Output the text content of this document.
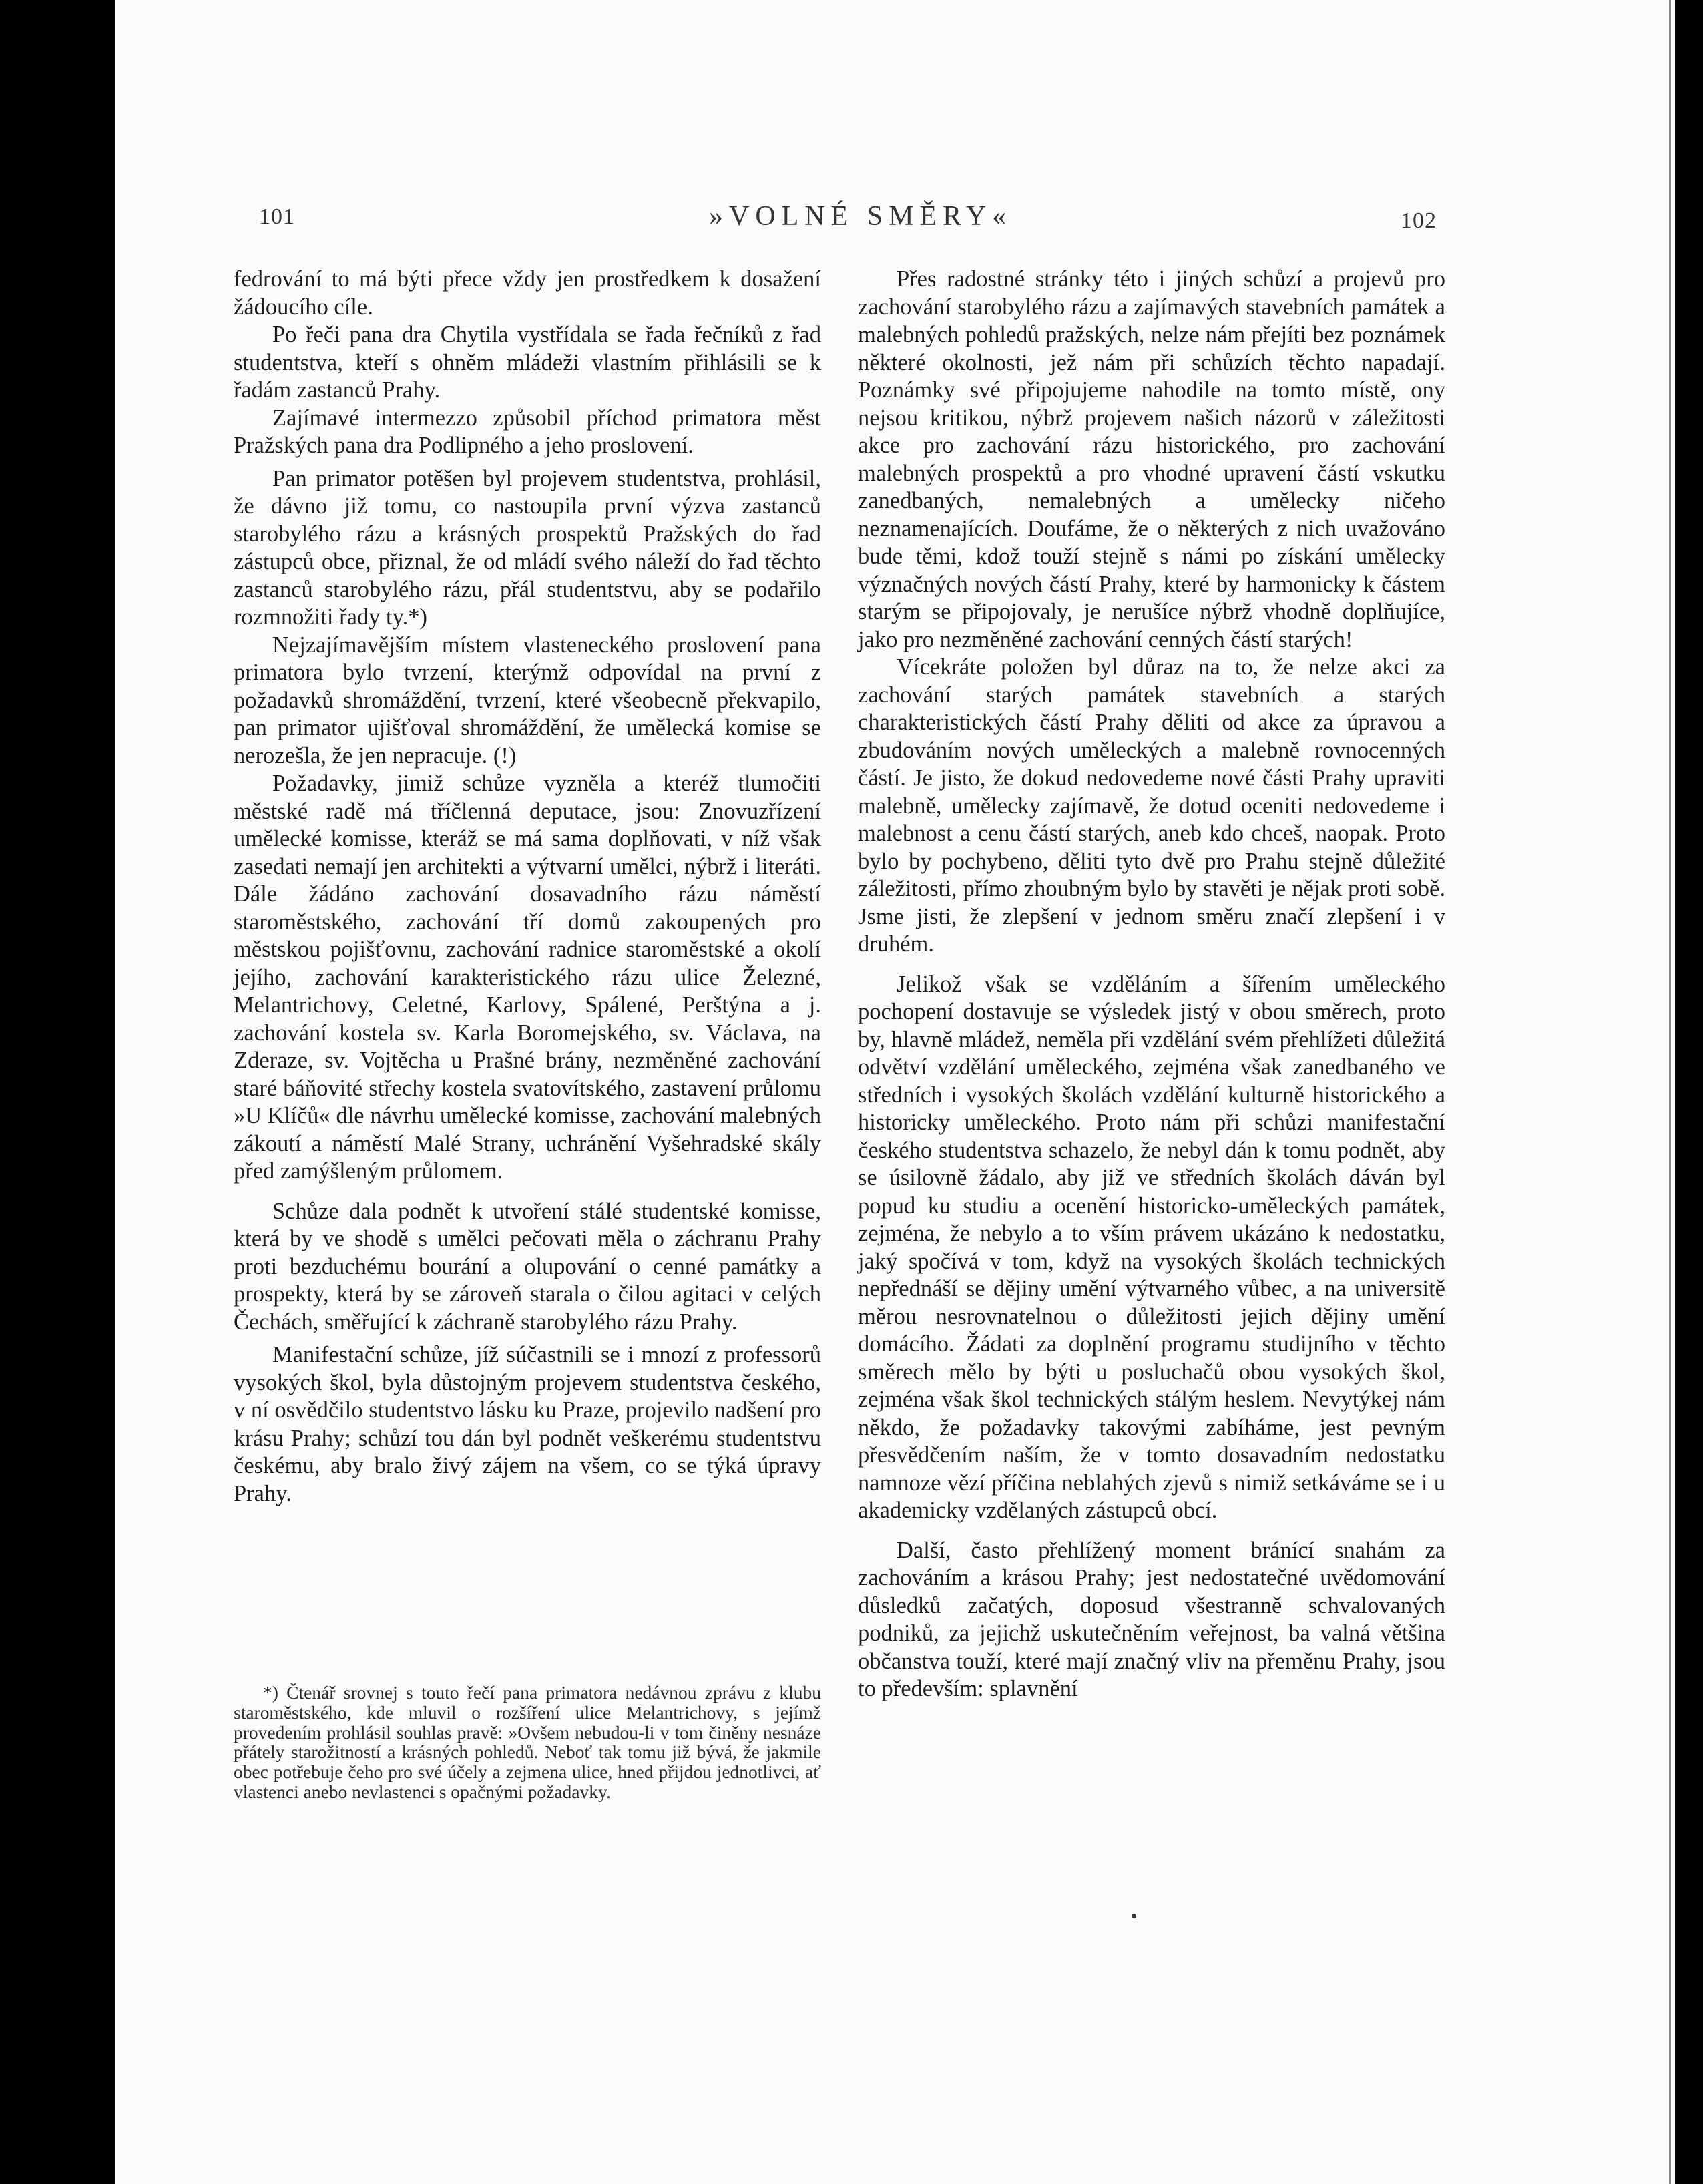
101	»VOLNÉ SMĚRY«	102

fedrování to má býti přece vždy jen prostředkem k dosažení žádoucího cíle.

Po řeči pana dra Chytila vystřídala se řada řečníků z řad studentstva, kteří s ohněm mládeži vlastním přihlásili se k řadám zastanců Prahy.

Zajímavé intermezzo způsobil příchod primatora měst Pražských pana dra Podlipného a jeho proslovení.

Pan primator potěšen byl projevem studentstva, prohlásil, že dávno již tomu, co nastoupila první výzva zastanců starobylého rázu a krásných prospektů Pražských do řad zástupců obce, přiznal, že od mládí svého náleží do řad těchto zastanců starobylého rázu, přál studentstvu, aby se podařilo rozmnožiti řady ty.*)

Nejzajímavějším místem vlasteneckého proslovení pana primatora bylo tvrzení, kterýmž odpovídal na první z požadavků shromáždění, tvrzení, které všeobecně překvapilo, pan primator ujišťoval shromáždění, že umělecká komise se nerozešla, že jen nepracuje. (!)

Požadavky, jimiž schůze vyzněla a kteréž tlumočiti městské radě má tříčlenná deputace, jsou: Znovuzřízení umělecké komisse, kteráž se má sama doplňovati, v níž však zasedati nemají jen architekti a výtvarní umělci, nýbrž i literáti. Dále žádáno zachování dosavadního rázu náměstí staroměstského, zachování tří domů zakoupených pro městskou pojišťovnu, zachování radnice staroměstské a okolí jejího, zachování karakteristického rázu ulice Železné, Melantrichovy, Celetné, Karlovy, Spálené, Perštýna a j. zachování kostela sv. Karla Boromejského, sv. Václava, na Zderaze, sv. Vojtěcha u Prašné brány, nezměněné zachování staré báňovité střechy kostela svatovítského, zastavení průlomu »U Klíčů« dle návrhu umělecké komisse, zachování malebných zákoutí a náměstí Malé Strany, uchránění Vyšehradské skály před zamýšleným průlomem.

Schůze dala podnět k utvoření stálé studentské komisse, která by ve shodě s umělci pečovati měla o záchranu Prahy proti bezduchému bourání a olupování o cenné památky a prospekty, která by se zároveň starala o čilou agitaci v celých Čechách, směřující k záchraně starobylého rázu Prahy.

Manifestační schůze, jíž súčastnili se i mnozí z professorů vysokých škol, byla důstojným projevem studentstva českého, v ní osvědčilo studentstvo lásku ku Praze, projevilo nadšení pro krásu Prahy; schůzí tou dán byl podnět veškerému studentstvu českému, aby bralo živý zájem na všem, co se týká úpravy Prahy.

*) Čtenář srovnej s touto řečí pana primatora nedávnou zprávu z klubu staroměstského, kde mluvil o rozšíření ulice Melantrichovy, s jejímž provedením prohlásil souhlas pravě: »Ovšem nebudou-li v tom činěny nesnáze přátely starožitností a krásných pohledů. Neboť tak tomu již bývá, že jakmile obec potřebuje čeho pro své účely a zejmena ulice, hned přijdou jednotlivci, ať vlastenci anebo nevlastenci s opačnými požadavky.

Přes radostné stránky této i jiných schůzí a projevů pro zachování starobylého rázu a zajímavých stavebních památek a malebných pohledů pražských, nelze nám přejíti bez poznámek některé okolnosti, jež nám při schůzích těchto napadají. Poznámky své připojujeme nahodile na tomto místě, ony nejsou kritikou, nýbrž projevem našich názorů v záležitosti akce pro zachování rázu historického, pro zachování malebných prospektů a pro vhodné upravení částí vskutku zanedbaných, nemalebných a umělecky ničeho neznamenajících. Doufáme, že o některých z nich uvažováno bude těmi, kdož touží stejně s námi po získání umělecky význačných nových částí Prahy, které by harmonicky k částem starým se připojovaly, je nerušíce nýbrž vhodně doplňujíce, jako pro nezměněné zachování cenných částí starých!

Vícekráte položen byl důraz na to, že nelze akci za zachování starých památek stavebních a starých charakteristických částí Prahy děliti od akce za úpravou a zbudováním nových uměleckých a malebně rovnocenných částí. Je jisto, že dokud nedovedeme nové části Prahy upraviti malebně, umělecky zajímavě, že dotud oceniti nedovedeme i malebnost a cenu částí starých, aneb kdo chceš, naopak. Proto bylo by pochybeno, děliti tyto dvě pro Prahu stejně důležité záležitosti, přímo zhoubným bylo by stavěti je nějak proti sobě. Jsme jisti, že zlepšení v jednom směru značí zlepšení i v druhém.

Jelikož však se vzděláním a šířením uměleckého pochopení dostavuje se výsledek jistý v obou směrech, proto by, hlavně mládež, neměla při vzdělání svém přehlížeti důležitá odvětví vzdělání uměleckého, zejména však zanedbaného ve středních i vysokých školách vzdělání kulturně historického a historicky uměleckého. Proto nám při schůzi manifestační českého studentstva schazelo, že nebyl dán k tomu podnět, aby se úsilovně žádalo, aby již ve středních školách dáván byl popud ku studiu a ocenění historicko-uměleckých památek, zejména, že nebylo a to vším právem ukázáno k nedostatku, jaký spočívá v tom, když na vysokých školách technických nepřednáší se dějiny umění výtvarného vůbec, a na universitě měrou nesrovnatelnou o důležitosti jejich dějiny umění domácího. Žádati za doplnění programu studijního v těchto směrech mělo by býti u posluchačů obou vysokých škol, zejména však škol technických stálým heslem. Nevytýkej nám někdo, že požadavky takovými zabíháme, jest pevným přesvědčením naším, že v tomto dosavadním nedostatku namnoze vězí příčina neblahých zjevů s nimiž setkáváme se i u akademicky vzdělaných zástupců obcí.

Další, často přehlížený moment bránící snahám za zachováním a krásou Prahy; jest nedostatečné uvědomování důsledků začatých, doposud všestranně schvalovaných podniků, za jejichž uskutečněním veřejnost, ba valná většina občanstva touží, které mají značný vliv na přeměnu Prahy, jsou to především: splavnění
